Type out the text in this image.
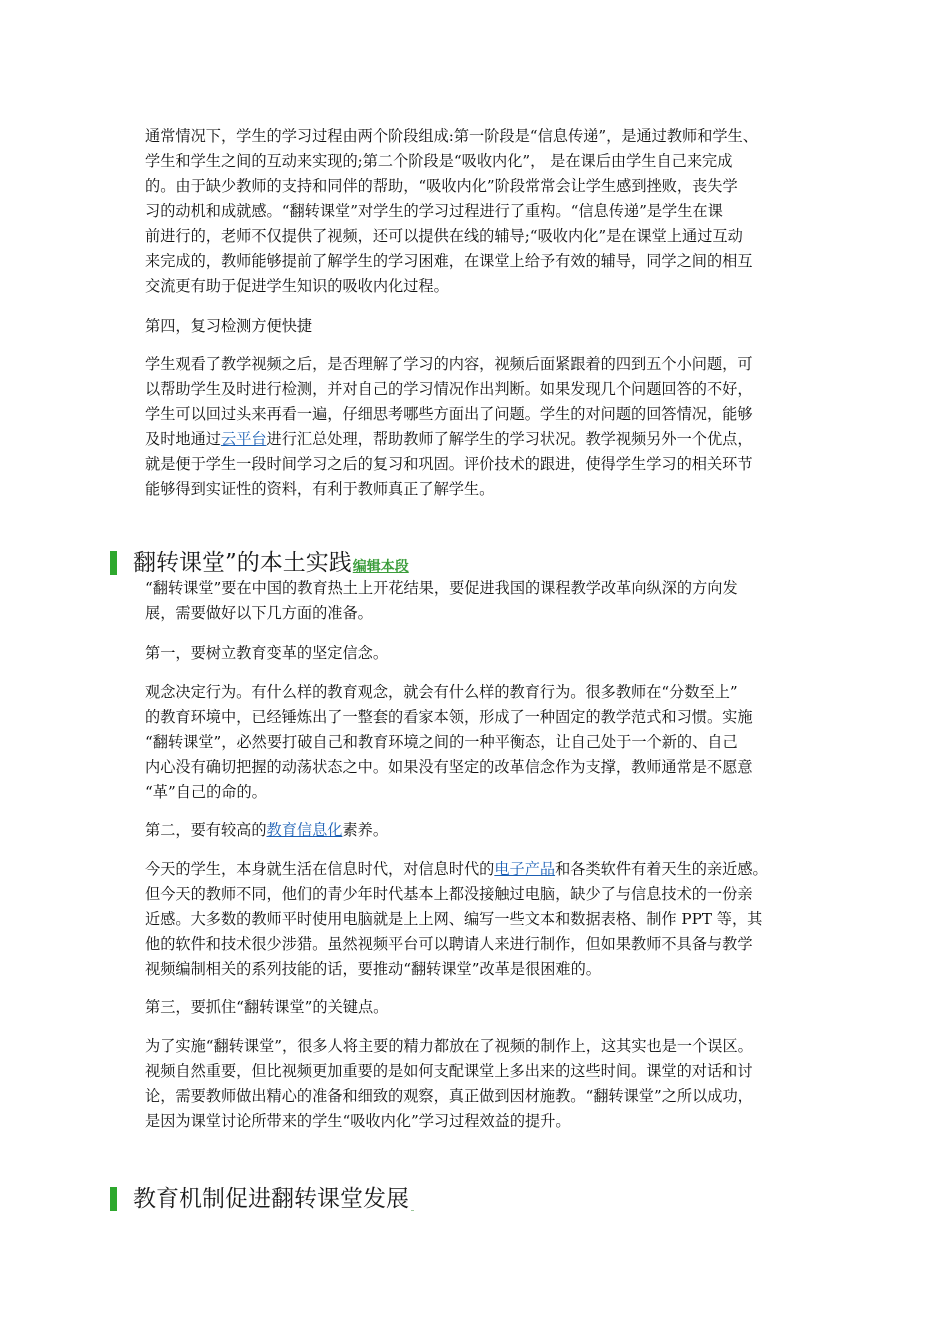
通常情况下，学生的学习过程由两个阶段组成:第一阶段是“信息传递”，是通过教师和学生、
学生和学生之间的互动来实现的;第二个阶段是“吸收内化”， 是在课后由学生自己来完成
的。由于缺少教师的支持和同伴的帮助，“吸收内化”阶段常常会让学生感到挫败，丧失学
习的动机和成就感。“翻转课堂”对学生的学习过程进行了重构。“信息传递”是学生在课
前进行的，老师不仅提供了视频，还可以提供在线的辅导;“吸收内化”是在课堂上通过互动
来完成的，教师能够提前了解学生的学习困难，在课堂上给予有效的辅导，同学之间的相互
交流更有助于促进学生知识的吸收内化过程。

第四，复习检测方便快捷

学生观看了教学视频之后，是否理解了学习的内容，视频后面紧跟着的四到五个小问题，可
以帮助学生及时进行检测，并对自己的学习情况作出判断。如果发现几个问题回答的不好，
学生可以回过头来再看一遍，仔细思考哪些方面出了问题。学生的对问题的回答情况，能够
及时地通过云平台进行汇总处理，帮助教师了解学生的学习状况。教学视频另外一个优点，
就是便于学生一段时间学习之后的复习和巩固。评价技术的跟进，使得学生学习的相关环节
能够得到实证性的资料，有利于教师真正了解学生。
翻转课堂”的本土实践 编辑本段
“翻转课堂”要在中国的教育热土上开花结果，要促进我国的课程教学改革向纵深的方向发
展，需要做好以下几方面的准备。

第一，要树立教育变革的坚定信念。

观念决定行为。有什么样的教育观念，就会有什么样的教育行为。很多教师在“分数至上”
的教育环境中，已经锤炼出了一整套的看家本领，形成了一种固定的教学范式和习惯。实施
“翻转课堂”，必然要打破自己和教育环境之间的一种平衡态，让自己处于一个新的、自己
内心没有确切把握的动荡状态之中。如果没有坚定的改革信念作为支撑，教师通常是不愿意
“革”自己的命的。

第二，要有较高的教育信息化素养。

今天的学生，本身就生活在信息时代，对信息时代的电子产品和各类软件有着天生的亲近感。
但今天的教师不同，他们的青少年时代基本上都没接触过电脑，缺少了与信息技术的一份亲
近感。大多数的教师平时使用电脑就是上上网、编写一些文本和数据表格、制作 PPT 等，其
他的软件和技术很少涉猎。虽然视频平台可以聘请人来进行制作，但如果教师不具备与教学
视频编制相关的系列技能的话，要推动“翻转课堂”改革是很困难的。

第三，要抓住“翻转课堂”的关键点。

为了实施“翻转课堂”，很多人将主要的精力都放在了视频的制作上，这其实也是一个误区。
视频自然重要，但比视频更加重要的是如何支配课堂上多出来的这些时间。课堂的对话和讨
论，需要教师做出精心的准备和细致的观察，真正做到因材施教。“翻转课堂”之所以成功，
是因为课堂讨论所带来的学生“吸收内化”学习过程效益的提升。
教育机制促进翻转课堂发展
